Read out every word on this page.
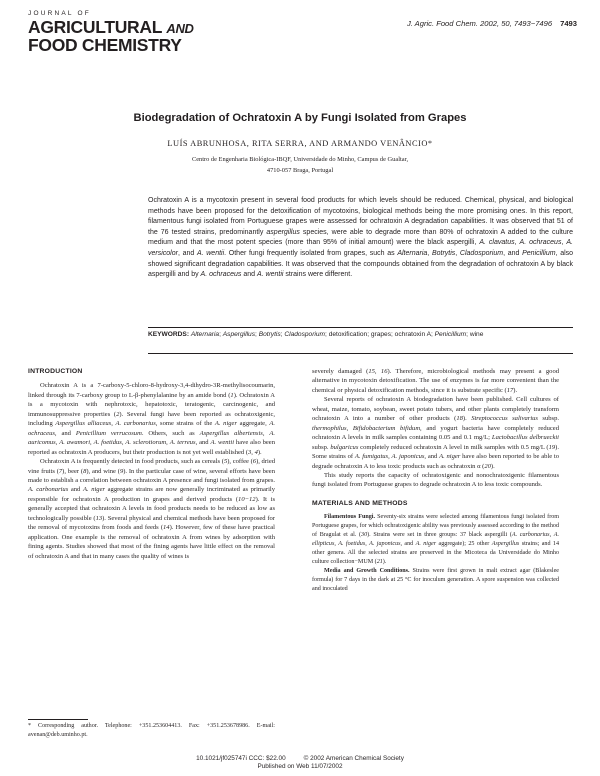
JOURNAL OF
AGRICULTURAL AND
FOOD CHEMISTRY
J. Agric. Food Chem. 2002, 50, 7493−7496 7493
Biodegradation of Ochratoxin A by Fungi Isolated from Grapes
LUÍS ABRUNHOSA, RITA SERRA, AND ARMANDO VENÂNCIO*
Centro de Engenharia Biológica-IBQF, Universidade do Minho, Campus de Gualtar,
4710-057 Braga, Portugal

Ochratoxin A is a mycotoxin present in several food products for which levels should be reduced. Chemical, physical, and biological methods have been proposed for the detoxification of mycotoxins, biological methods being the more promising ones. In this report, filamentous fungi isolated from Portuguese grapes were assessed for ochratoxin A degradation capabilities. It was observed that 51 of the 76 tested strains, predominantly aspergillus species, were able to degrade more than 80% of ochratoxin A added to the culture medium and that the most potent species (more than 95% of initial amount) were the black aspergilli, A. clavatus, A. ochraceus, A. versicolor, and A. wentii. Other fungi frequently isolated from grapes, such as Alternaria, Botrytis, Cladosporium, and Penicillium, also showed significant degradation capabilities. It was observed that the compounds obtained from the degradation of ochratoxin A by black aspergilli and by A. ochraceus and A. wentii strains were different.

KEYWORDS: Alternaria; Aspergillus; Botrytis; Cladosporium; detoxification; grapes; ochratoxin A; Penicillium; wine
INTRODUCTION

Ochratoxin A is a 7-carboxy-5-chloro-8-hydroxy-3,4-dihydro-3R-methylisocoumarin, linked through its 7-carboxy group to L-β-phenylalanine by an amide bond (1). Ochratoxin A is a mycotoxin with nephrotoxic, hepatotoxic, teratogenic, carcinogenic, and immunosuppressive properties (2). Several fungi have been reported as ochratoxigenic, including Aspergillus alliaceus, A. carbonarius, some strains of the A. niger aggregate, A. ochraceus, and Penicillium verrucosum. Others, such as Aspergillus albertensis, A. auricomus, A. awamori, A. foetidus, A. sclerotiorum, A. terreus, and A. wentii have also been reported as ochratoxin A producers, but their production is not yet well established (3, 4).

Ochratoxin A is frequently detected in food products, such as cereals (5), coffee (6), dried vine fruits (7), beer (8), and wine (9). In the particular case of wine, several efforts have been made to establish a correlation between ochratoxin A presence and fungi isolated from grapes. A. carbonarius and A. niger aggregate strains are now generally incriminated as primarily responsible for ochratoxin A production in grapes and derived products (10−12). It is generally accepted that ochratoxin A levels in food products needs to be reduced as low as technologically possible (13). Several physical and chemical methods have been proposed for the removal of mycotoxins from foods and feeds (14). However, few of these have practical application. One example is the removal of ochratoxin A from wines by adsorption with fining agents. Studies showed that most of the fining agents have little effect on the removal of ochratoxin A and that in many cases the quality of wines is

severely damaged (15, 16). Therefore, microbiological methods may present a good alternative in mycotoxin detoxification. The use of enzymes is far more convenient than the chemical or physical detoxification methods, since it is substrate specific (17).

Several reports of ochratoxin A biodegradation have been published. Cell cultures of wheat, maize, tomato, soybean, sweet potato tubers, and other plants completely transform ochratoxin A into a number of other products (18). Streptococcus salivarius subsp. thermophilus, Bifidobacterium bifidum, and yogurt bacteria have completely reduced ochratoxin A levels in milk samples containing 0.05 and 0.1 mg/L; Lactobacillus delbrueckii subsp. bulgaricus completely reduced ochratoxin A level in milk samples with 0.5 mg/L (19). Some strains of A. fumigatus, A. japonicus, and A. niger have also been reported to be able to degrade ochratoxin A to less toxic products such as ochratoxin α (20).

This study reports the capacity of ochratoxigenic and nonochratoxigenic filamentous fungi isolated from Portuguese grapes to degrade ochratoxin A to less toxic compounds.

MATERIALS AND METHODS

Filamentous Fungi. Seventy-six strains were selected among filamentous fungi isolated from Portuguese grapes, for which ochratoxigenic ability was previously assessed according to the method of Bragulat et al. (30). Strains were set in three groups: 37 black aspergilli (A. carbonarius, A. ellipticus, A. foetidus, A. japonicus, and A. niger aggregate); 25 other Aspergillus strains; and 14 other genera. All the selected strains are preserved in the Micoteca da Universidade do Minho culture collection−MUM (21).

Media and Growth Conditions. Strains were first grown in malt extract agar (Blakeslee formula) for 7 days in the dark at 25 °C for inoculum generation. A spore suspension was collected and inoculated

* Corresponding author. Telephone: +351.253604413. Fax: +351.253678986. E-mail: avenan@deb.uminho.pt.
10.1021/jf025747i CCC: $22.00	© 2002 American Chemical Society
Published on Web 11/07/2002
